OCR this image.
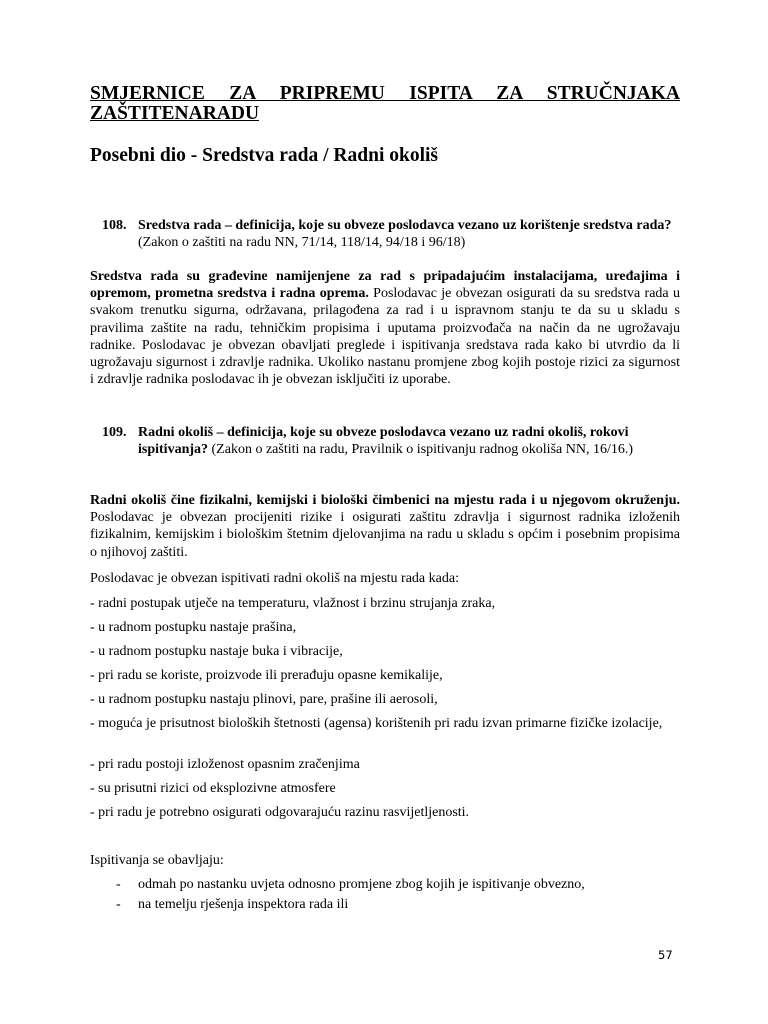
SMJERNICE ZA PRIPREMU ISPITA ZA STRUČNJAKA ZAŠTITENARADU
Posebni dio - Sredstva rada / Radni okoliš
108. Sredstva rada – definicija, koje su obveze poslodavca vezano uz korištenje sredstva rada? (Zakon o zaštiti na radu NN, 71/14, 118/14, 94/18 i 96/18)

Sredstva rada su građevine namijenjene za rad s pripadajućim instalacijama, uređajima i opremom, prometna sredstva i radna oprema. Poslodavac je obvezan osigurati da su sredstva rada u svakom trenutku sigurna, održavana, prilagođena za rad i u ispravnom stanju te da su u skladu s pravilima zaštite na radu, tehničkim propisima i uputama proizvođača na način da ne ugrožavaju radnike. Poslodavac je obvezan obavljati preglede i ispitivanja sredstava rada kako bi utvrdio da li ugrožavaju sigurnost i zdravlje radnika. Ukoliko nastanu promjene zbog kojih postoje rizici za sigurnost i zdravlje radnika poslodavac ih je obvezan isključiti iz uporabe.

109. Radni okoliš – definicija, koje su obveze poslodavca vezano uz radni okoliš, rokovi ispitivanja? (Zakon o zaštiti na radu, Pravilnik o ispitivanju radnog okoliša NN, 16/16.)

Radni okoliš čine fizikalni, kemijski i biološki čimbenici na mjestu rada i u njegovom okruženju. Poslodavac je obvezan procijeniti rizike i osigurati zaštitu zdravlja i sigurnost radnika izloženih fizikalnim, kemijskim i biološkim štetnim djelovanjima na radu u skladu s općim i posebnim propisima o njihovoj zaštiti.

Poslodavac je obvezan ispitivati radni okoliš na mjestu rada kada:

- radni postupak utječe na temperaturu, vlažnost i brzinu strujanja zraka,

- u radnom postupku nastaje prašina,

- u radnom postupku nastaje buka i vibracije,

- pri radu se koriste, proizvode ili prerađuju opasne kemikalije,

- u radnom postupku nastaju plinovi, pare, prašine ili aerosoli,

- moguća je prisutnost bioloških štetnosti (agensa) korištenih pri radu izvan primarne fizičke izolacije,

- pri radu postoji izloženost opasnim zračenjima

- su prisutni rizici od eksplozivne atmosfere

- pri radu je potrebno osigurati odgovarajuću razinu rasvijetljenosti.

Ispitivanja se obavljaju:

- odmah po nastanku uvjeta odnosno promjene zbog kojih je ispitivanje obvezno,
- na temelju rješenja inspektora rada ili
57
